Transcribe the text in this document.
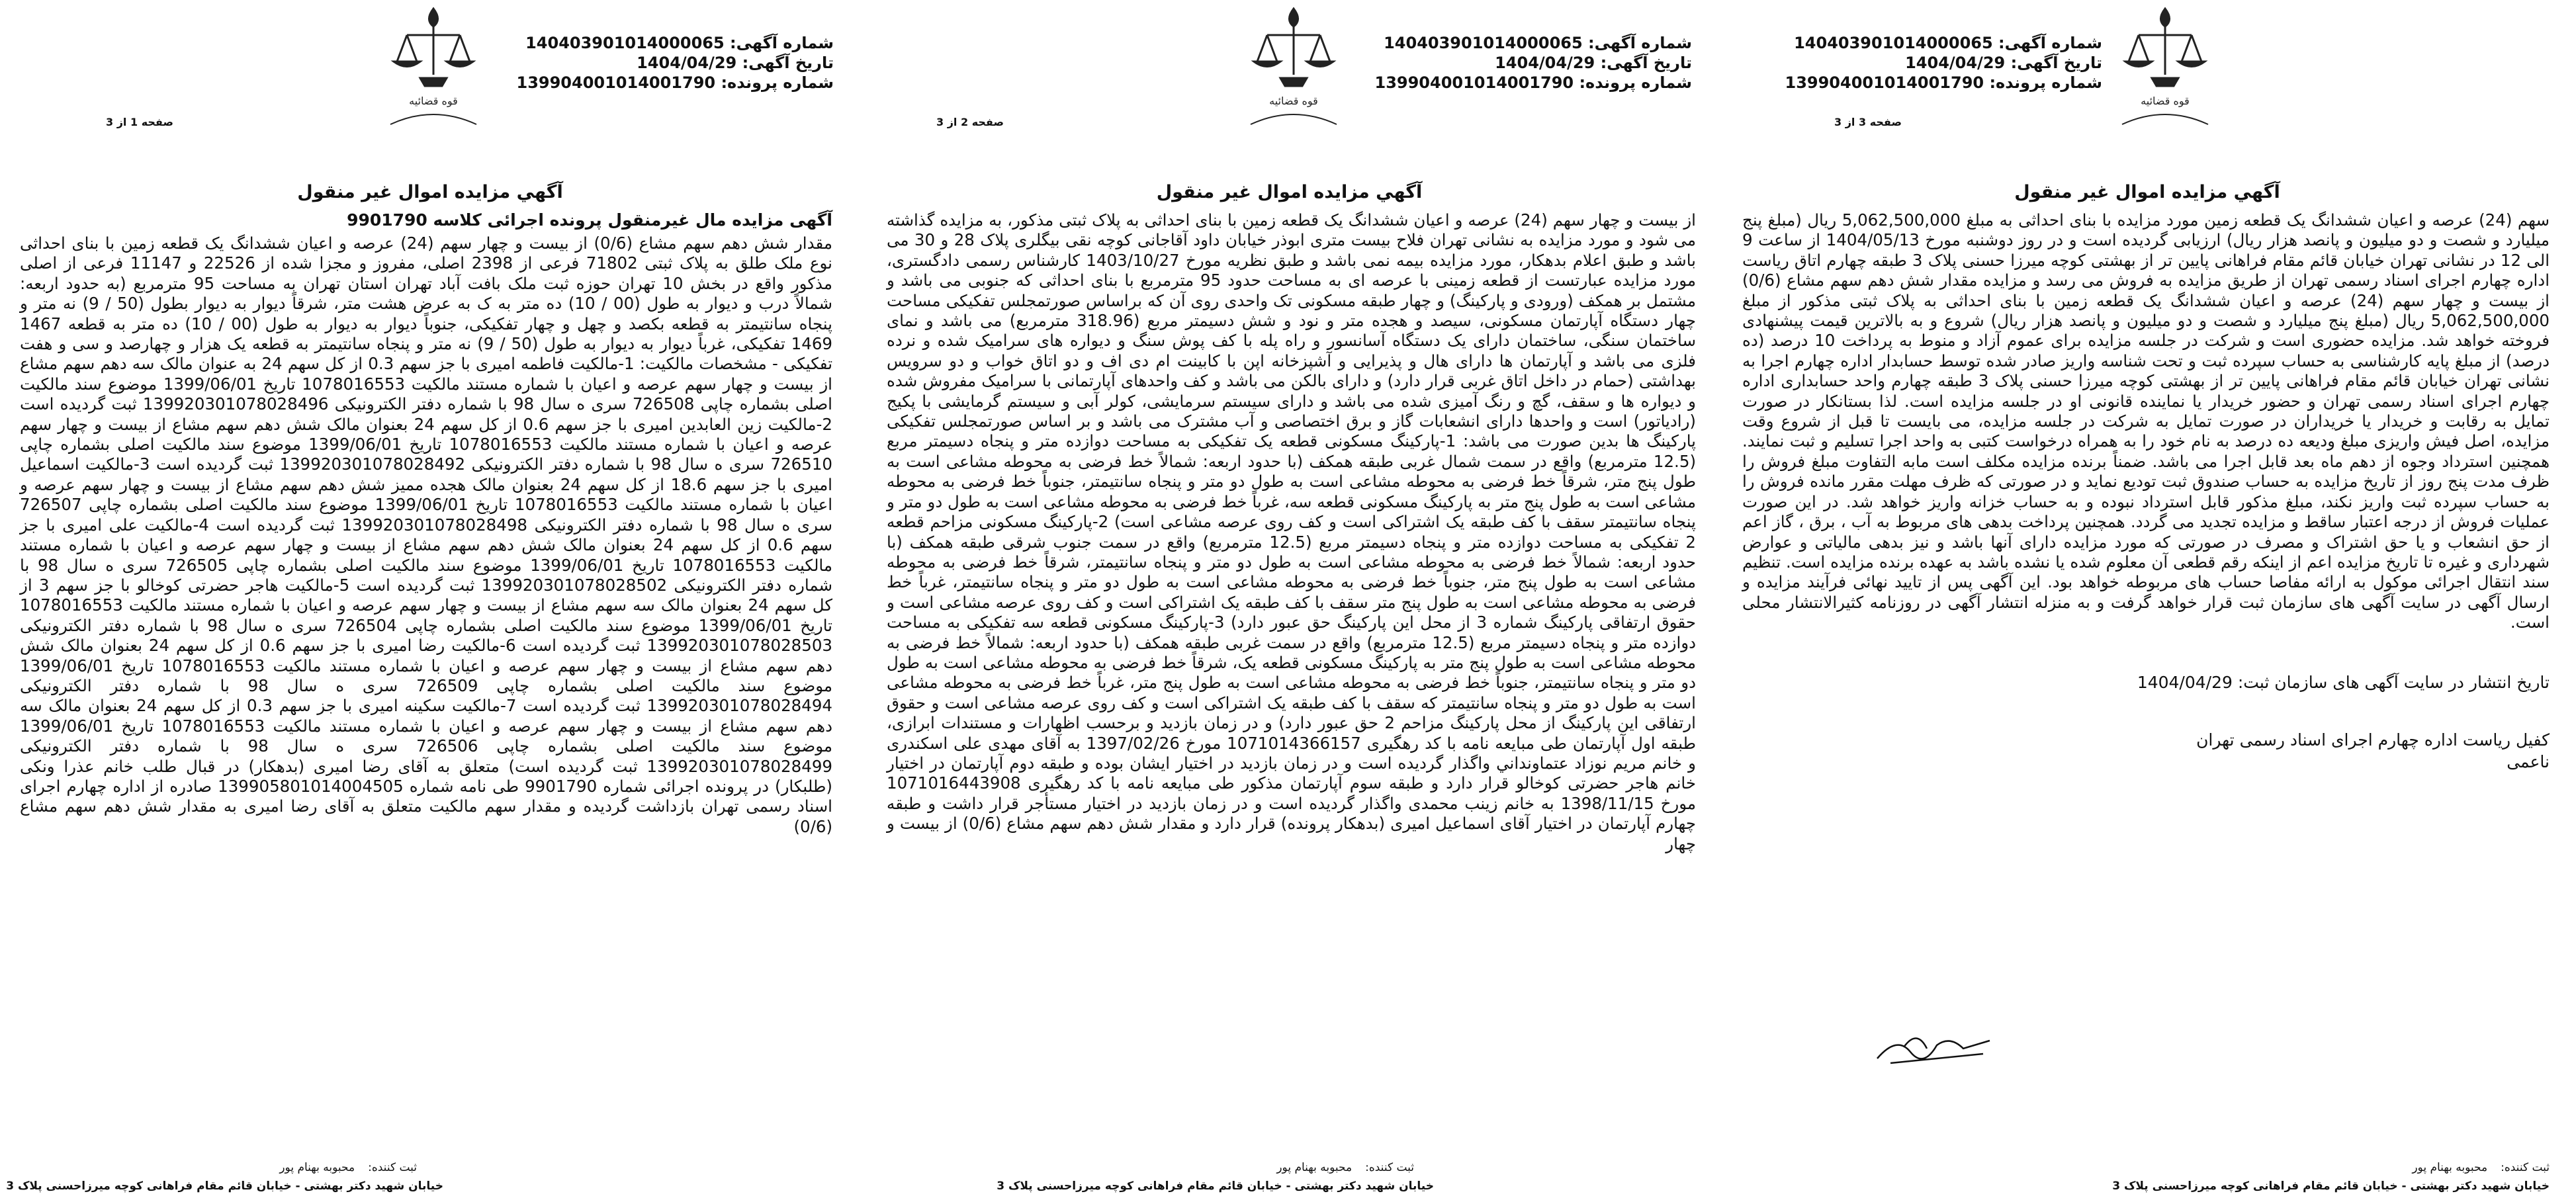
قوه قضائیه
شماره آگهی: 140403901014000065
تاریخ آگهی: 1404/04/29
شماره پرونده: 139904001014001790
صفحه 1 از 3
آگهي مزايده اموال غير منقول
آگهی مزایده مال غیرمنقول پرونده اجرائی کلاسه 9901790
مقدار شش دهم سهم مشاع (0/6) از بیست و چهار سهم (24) عرصه و اعیان ششدانگ یک قطعه زمین با بنای احداثی نوع ملک طلق به پلاک ثبتی 71802 فرعی از 2398 اصلی، مفروز و مجزا شده از 22526 و 11147 فرعی از اصلی مذکور واقع در بخش 10 تهران حوزه ثبت ملک بافت آباد تهران استان تهران به مساحت 95 مترمربع (به حدود اربعه: شمالاً درب و دیوار به طول (00 / 10) ده متر به ک به عرض هشت متر، شرقاً دیوار به دیوار بطول (50 / 9) نه متر و پنجاه سانتیمتر به قطعه بکصد و چهل و چهار تفکیکی، جنوباً دیوار به دیوار به طول (00 / 10) ده متر به قطعه 1467 1469 تفکیکی، غرباً دیوار به دیوار به طول (50 / 9) نه متر و پنجاه سانتیمتر به قطعه یک هزار و چهارصد و سی و هفت تفکیکی - مشخصات مالکیت: 1-مالکیت فاطمه امیری با جز سهم 0.3 از کل سهم 24 به عنوان مالک سه دهم سهم مشاع از بیست و چهار سهم عرصه و اعیان با شماره مستند مالکیت 1078016553 تاریخ 1399/06/01 موضوع سند مالکیت اصلی بشماره چاپی 726508 سری ه سال 98 با شماره دفتر الکترونیکی 139920301078028496 ثبت گردیده است 2-مالکیت زین العابدین امیری با جز سهم 0.6 از کل سهم 24 بعنوان مالک شش دهم سهم مشاع از بیست و چهار سهم عرصه و اعیان با شماره مستند مالکیت 1078016553 تاریخ 1399/06/01 موضوع سند مالکیت اصلی بشماره چاپی 726510 سری ه سال 98 با شماره دفتر الکترونیکی 139920301078028492 ثبت گردیده است 3-مالکیت اسماعیل امیری با جز سهم 18.6 از کل سهم 24 بعنوان مالک هجده ممیز شش دهم سهم مشاع از بیست و چهار سهم عرصه و اعیان با شماره مستند مالکیت 1078016553 تاریخ 1399/06/01 موضوع سند مالکیت اصلی بشماره چاپی 726507 سری ه سال 98 با شماره دفتر الکترونیکی 139920301078028498 ثبت گردیده است 4-مالکیت علی امیری با جز سهم 0.6 از کل سهم 24 بعنوان مالک شش دهم سهم مشاع از بیست و چهار سهم عرصه و اعیان با شماره مستند مالکیت 1078016553 تاریخ 1399/06/01 موضوع سند مالکیت اصلی بشماره چاپی 726505 سری ه سال 98 با شماره دفتر الکترونیکی 139920301078028502 ثبت گردیده است 5-مالکیت هاجر حضرتی کوخالو با جز سهم 3 از کل سهم 24 بعنوان مالک سه سهم مشاع از بیست و چهار سهم عرصه و اعیان با شماره مستند مالکیت 1078016553 تاریخ 1399/06/01 موضوع سند مالکیت اصلی بشماره چاپی 726504 سری ه سال 98 با شماره دفتر الکترونیکی 139920301078028503 ثبت گردیده است 6-مالکیت رضا امیری با جز سهم 0.6 از کل سهم 24 بعنوان مالک شش دهم سهم مشاع از بیست و چهار سهم عرصه و اعیان با شماره مستند مالکیت 1078016553 تاریخ 1399/06/01 موضوع سند مالکیت اصلی بشماره چاپی 726509 سری ه سال 98 با شماره دفتر الکترونیکی 139920301078028494 ثبت گردیده است 7-مالکیت سکینه امیری با جز سهم 0.3 از کل سهم 24 بعنوان مالک سه دهم سهم مشاع از بیست و چهار سهم عرصه و اعیان با شماره مستند مالکیت 1078016553 تاریخ 1399/06/01 موضوع سند مالکیت اصلی بشماره چاپی 726506 سری ه سال 98 با شماره دفتر الکترونیکی 139920301078028499 ثبت گردیده است) متعلق به آقای رضا امیری (بدهکار) در قبال طلب خانم عذرا ونکی (طلبکار) در پرونده اجرائی شماره 9901790 طی نامه شماره 139905801014004505 صادره از اداره چهارم اجرای اسناد رسمی تهران بازداشت گردیده و مقدار سهم مالکیت متعلق به آقای رضا امیری به مقدار شش دهم سهم مشاع (0/6)
ثبت کننده:محبوبه بهنام پور
خیابان شهید دکتر بهشتی - خیابان قائم مقام فراهانی کوچه میرزاحسنی پلاک 3
قوه قضائیه
شماره آگهی: 140403901014000065
تاریخ آگهی: 1404/04/29
شماره پرونده: 139904001014001790
صفحه 2 از 3
آگهي مزايده اموال غير منقول
از بیست و چهار سهم (24) عرصه و اعیان ششدانگ یک قطعه زمین با بنای احداثی به پلاک ثبتی مذکور، به مزایده گذاشته می شود و مورد مزایده به نشانی تهران فلاح بیست متری ابوذر خیابان داود آقاجانی کوچه نقی بیگلری پلاک 28 و 30 می باشد و طبق اعلام بدهکار، مورد مزایده بیمه نمی باشد و طبق نظریه مورخ 1403/10/27 کارشناس رسمی دادگستری، مورد مزایده عبارتست از قطعه زمینی با عرصه ای به مساحت حدود 95 مترمربع با بنای احداثی که جنوبی می باشد و مشتمل بر همکف (ورودی و پارکینگ) و چهار طبقه مسکونی تک واحدی روی آن که براساس صورتمجلس تفکیکی مساحت چهار دستگاه آپارتمان مسکونی، سیصد و هجده متر و نود و شش دسیمتر مربع (318.96 مترمربع) می باشد و نمای ساختمان سنگی، ساختمان دارای یک دستگاه آسانسور و راه پله با کف پوش سنگ و دیواره های سرامیک شده و نرده فلزی می باشد و آپارتمان ها دارای هال و پذیرایی و آشپزخانه اپن با کابینت ام دی اف و دو اتاق خواب و دو سرویس بهداشتی (حمام در داخل اتاق غربی قرار دارد) و دارای بالکن می باشد و کف واحدهای آپارتمانی با سرامیک مفروش شده و دیواره ها و سقف، گچ و رنگ آمیزی شده می باشد و دارای سیستم سرمایشی، کولر آبی و سیستم گرمایشی با پکیج (رادیاتور) است و واحدها دارای انشعابات گاز و برق اختصاصی و آب مشترک می باشد و بر اساس صورتمجلس تفکیکی پارکینگ ها بدین صورت می باشد: 1-پارکینگ مسکونی قطعه یک تفکیکی به مساحت دوازده متر و پنجاه دسیمتر مربع (12.5 مترمربع) واقع در سمت شمال غربی طبقه همکف (با حدود اربعه: شمالاً خط فرضی به محوطه مشاعی است به طول پنج متر، شرقاً خط فرضی به محوطه مشاعی است به طول دو متر و پنجاه سانتیمتر، جنوباً خط فرضی به محوطه مشاعی است به طول پنج متر به پارکینگ مسکونی قطعه سه، غرباً خط فرضی به محوطه مشاعی است به طول دو متر و پنجاه سانتیمتر سقف با کف طبقه یک اشتراکی است و کف روی عرصه مشاعی است) 2-پارکینگ مسکونی مزاحم قطعه 2 تفکیکی به مساحت دوازده متر و پنجاه دسیمتر مربع (12.5 مترمربع) واقع در سمت جنوب شرقی طبقه همکف (با حدود اربعه: شمالاً خط فرضی به محوطه مشاعی است به طول دو متر و پنجاه سانتیمتر، شرقاً خط فرضی به محوطه مشاعی است به طول پنج متر، جنوباً خط فرضی به محوطه مشاعی است به طول دو متر و پنجاه سانتیمتر، غرباً خط فرضی به محوطه مشاعی است به طول پنج متر سقف با کف طبقه یک اشتراکی است و کف روی عرصه مشاعی است و حقوق ارتفاقی پارکینگ شماره 3 از محل این پارکینگ حق عبور دارد) 3-پارکینگ مسکونی قطعه سه تفکیکی به مساحت دوازده متر و پنجاه دسیمتر مربع (12.5 مترمربع) واقع در سمت غربی طبقه همکف (با حدود اربعه: شمالاً خط فرضی به محوطه مشاعی است به طول پنج متر به پارکینگ مسکونی قطعه یک، شرقاً خط فرضی به محوطه مشاعی است به طول دو متر و پنجاه سانتیمتر، جنوباً خط فرضی به محوطه مشاعی است به طول پنج متر، غرباً خط فرضی به محوطه مشاعی است به طول دو متر و پنجاه سانتیمتر که سقف با کف طبقه یک اشتراکی است و کف روی عرصه مشاعی است و حقوق ارتفاقی این پارکینگ از محل پارکینگ مزاحم 2 حق عبور دارد) و در زمان بازدید و برحسب اظهارات و مستندات ابرازی، طبقه اول آپارتمان طی مبایعه نامه با کد رهگیری 1071014366157 مورخ 1397/02/26 به آقای مهدی علی اسکندری و خانم مریم نوزاد عتماونداني واگذار گردیده است و در زمان بازدید در اختیار ایشان بوده و طبقه دوم آپارتمان در اختیار خانم هاجر حضرتی کوخالو قرار دارد و طبقه سوم آپارتمان مذکور طی مبایعه نامه با کد رهگیری 1071016443908 مورخ 1398/11/15 به خانم زینب محمدی واگذار گردیده است و در زمان بازدید در اختیار مستأجر قرار داشت و طبقه چهارم آپارتمان در اختیار آقای اسماعیل امیری (بدهکار پرونده) قرار دارد و مقدار شش دهم سهم مشاع (0/6) از بیست و چهار
ثبت کننده:محبوبه بهنام پور
خیابان شهید دکتر بهشتی - خیابان قائم مقام فراهانی کوچه میرزاحسنی پلاک 3
قوه قضائیه
شماره آگهی: 140403901014000065
تاریخ آگهی: 1404/04/29
شماره پرونده: 139904001014001790
صفحه 3 از 3
آگهي مزايده اموال غير منقول
سهم (24) عرصه و اعیان ششدانگ یک قطعه زمین مورد مزایده با بنای احداثی به مبلغ 5,062,500,000 ریال (مبلغ پنج میلیارد و شصت و دو میلیون و پانصد هزار ریال) ارزیابی گردیده است و در روز دوشنبه مورخ 1404/05/13 از ساعت 9 الی 12 در نشانی تهران خیابان قائم مقام فراهانی پایین تر از بهشتی کوچه میرزا حسنی پلاک 3 طبقه چهارم اتاق ریاست اداره چهارم اجرای اسناد رسمی تهران از طریق مزایده به فروش می رسد و مزایده مقدار شش دهم سهم مشاع (0/6) از بیست و چهار سهم (24) عرصه و اعیان ششدانگ یک قطعه زمین با بنای احداثی به پلاک ثبتی مذکور از مبلغ 5,062,500,000 ریال (مبلغ پنج میلیارد و شصت و دو میلیون و پانصد هزار ریال) شروع و به بالاترین قیمت پیشنهادی فروخته خواهد شد. مزایده حضوری است و شرکت در جلسه مزایده برای عموم آزاد و منوط به پرداخت 10 درصد (ده درصد) از مبلغ پایه کارشناسی به حساب سپرده ثبت و تحت شناسه واریز صادر شده توسط حسابدار اداره چهارم اجرا به نشانی تهران خیابان قائم مقام فراهانی پایین تر از بهشتی کوچه میرزا حسنی پلاک 3 طبقه چهارم واحد حسابداری اداره چهارم اجرای اسناد رسمی تهران و حضور خریدار یا نماینده قانونی او در جلسه مزایده است. لذا بستانکار در صورت تمایل به رقابت و خریدار یا خریداران در صورت تمایل به شرکت در جلسه مزایده، می بایست تا قبل از شروع وقت مزایده، اصل فیش واریزی مبلغ ودیعه ده درصد به نام خود را به همراه درخواست کتبی به واحد اجرا تسلیم و ثبت نمایند. همچنین استرداد وجوه از دهم ماه بعد قابل اجرا می باشد. ضمناً برنده مزایده مکلف است مابه التفاوت مبلغ فروش را ظرف مدت پنج روز از تاریخ مزایده به حساب صندوق ثبت تودیع نماید و در صورتی که ظرف مهلت مقرر مانده فروش را به حساب سپرده ثبت واریز نکند، مبلغ مذکور قابل استرداد نبوده و به حساب خزانه واریز خواهد شد. در این صورت عملیات فروش از درجه اعتبار ساقط و مزایده تجدید می گردد. همچنین پرداخت بدهی های مربوط به آب ، برق ، گاز اعم از حق انشعاب و یا حق اشتراک و مصرف در صورتی که مورد مزایده دارای آنها باشد و نیز بدهی مالیاتی و عوارض شهرداری و غیره تا تاریخ مزایده اعم از اینکه رقم قطعی آن معلوم شده یا نشده باشد به عهده برنده مزایده است. تنظیم سند انتقال اجرائی موکول به ارائه مفاصا حساب های مربوطه خواهد بود. این آگهی پس از تایید نهائی فرآیند مزایده و ارسال آگهی در سایت آگهی های سازمان ثبت قرار خواهد گرفت و به منزله انتشار آگهی در روزنامه کثیرالانتشار محلی است.
تاریخ انتشار در سایت آگهی های سازمان ثبت: 1404/04/29
کفیل ریاست اداره چهارم اجرای اسناد رسمی تهران
ناعمی
ثبت کننده:محبوبه بهنام پور
خیابان شهید دکتر بهشتی - خیابان قائم مقام فراهانی کوچه میرزاحسنی پلاک 3
